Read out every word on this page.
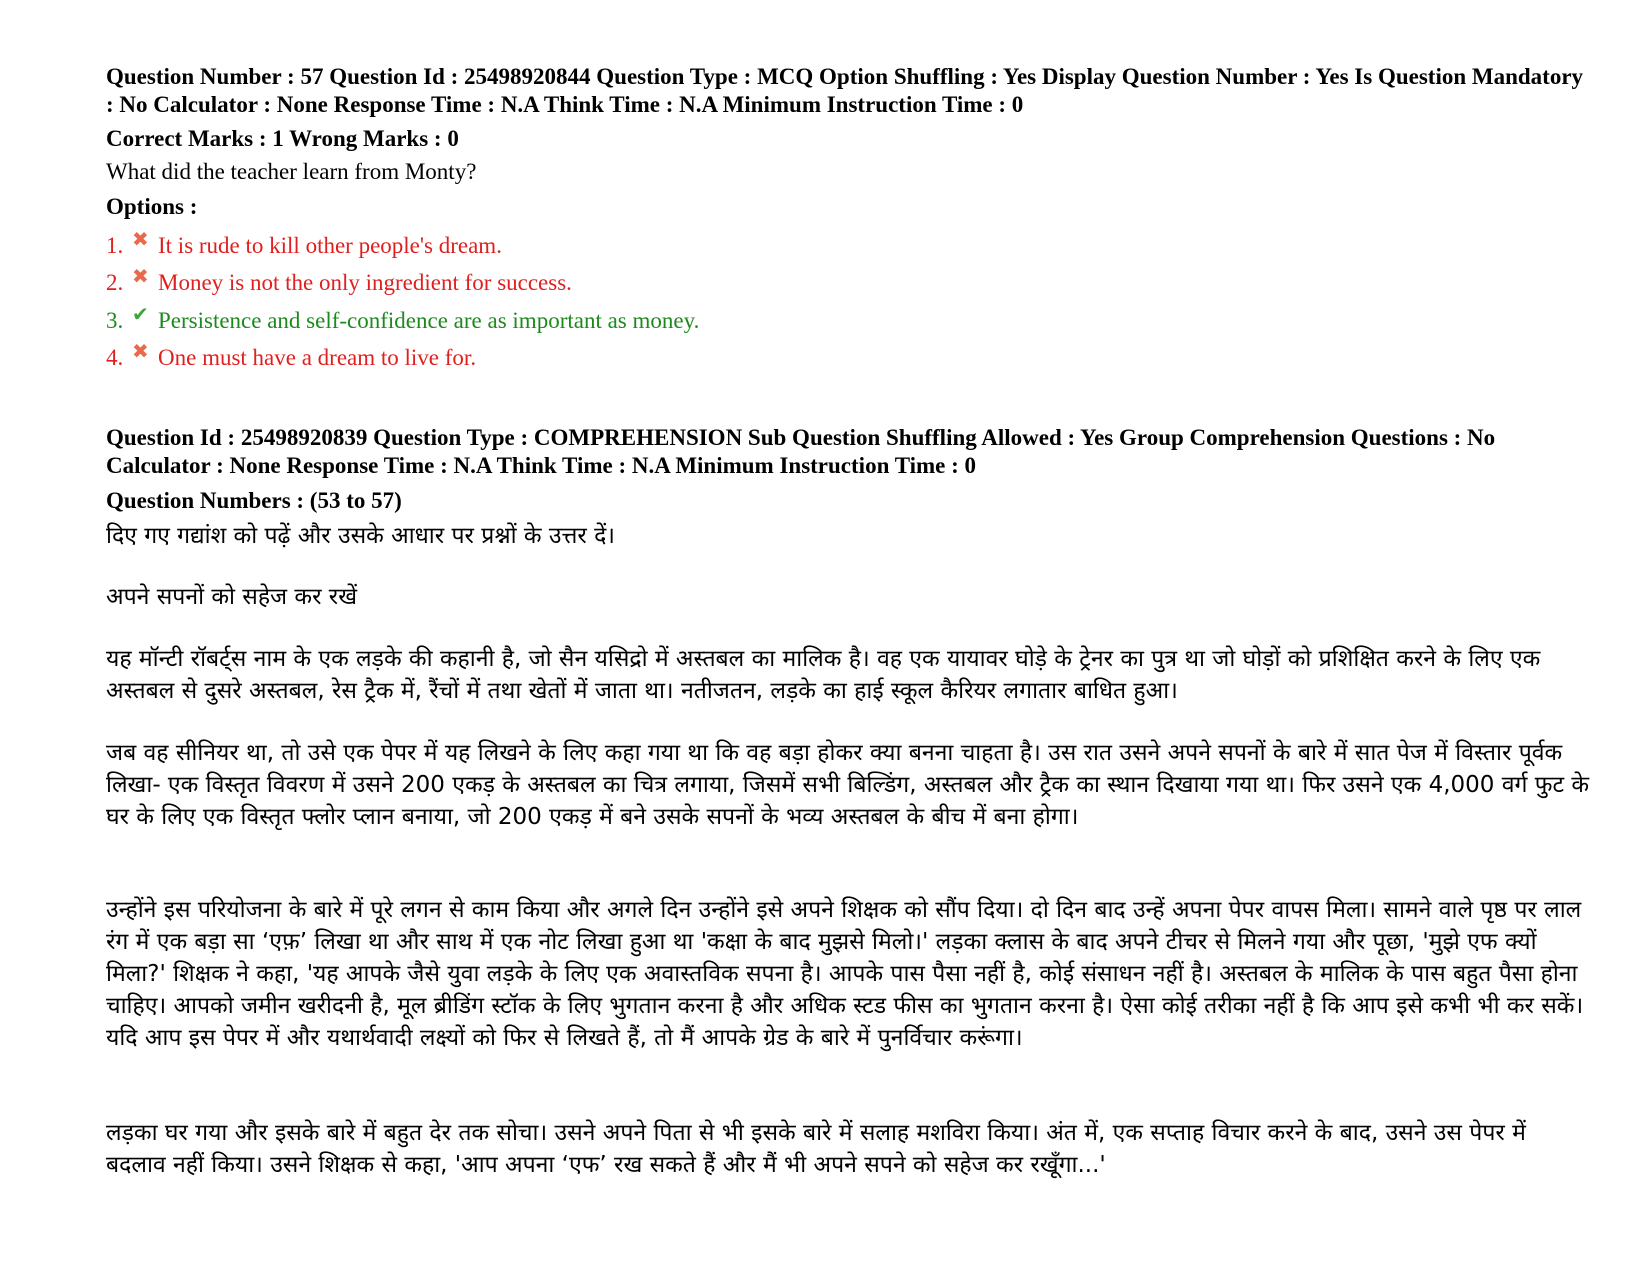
Question Number : 57 Question Id : 25498920844 Question Type : MCQ Option Shuffling : Yes Display Question Number : Yes Is Question Mandatory : No Calculator : None Response Time : N.A Think Time : N.A Minimum Instruction Time : 0
Correct Marks : 1 Wrong Marks : 0
What did the teacher learn from Monty?
Options :
1. ✖ It is rude to kill other people's dream.
2. ✖ Money is not the only ingredient for success.
3. ✔ Persistence and self-confidence are as important as money.
4. ✖ One must have a dream to live for.
Question Id : 25498920839 Question Type : COMPREHENSION Sub Question Shuffling Allowed : Yes Group Comprehension Questions : No Calculator : None Response Time : N.A Think Time : N.A Minimum Instruction Time : 0
Question Numbers : (53 to 57)
दिए गए गद्यांश को पढ़ें और उसके आधार पर प्रश्नों के उत्तर दें।
अपने सपनों को सहेज कर रखें
यह मॉन्टी रॉबर्ट्स नाम के एक लड़के की कहानी है, जो सैन यसिद्रो में अस्तबल का मालिक है। वह एक यायावर घोड़े के ट्रेनर का पुत्र था जो घोड़ों को प्रशिक्षित करने के लिए एक अस्तबल से दुसरे अस्तबल, रेस ट्रैक में, रैंचों में तथा खेतों में जाता था। नतीजतन, लड़के का हाई स्कूल कैरियर लगातार बाधित हुआ।
जब वह सीनियर था, तो उसे एक पेपर में यह लिखने के लिए कहा गया था कि वह बड़ा होकर क्या बनना चाहता है। उस रात उसने अपने सपनों के बारे में सात पेज में विस्तार पूर्वक लिखा- एक विस्तृत विवरण में उसने 200 एकड़ के अस्तबल का चित्र लगाया, जिसमें सभी बिल्डिंग, अस्तबल और ट्रैक का स्थान दिखाया गया था। फिर उसने एक 4,000 वर्ग फुट के घर के लिए एक विस्तृत फ्लोर प्लान बनाया, जो 200 एकड़ में बने उसके सपनों के भव्य अस्तबल के बीच में बना होगा।
उन्होंने इस परियोजना के बारे में पूरे लगन से काम किया और अगले दिन उन्होंने इसे अपने शिक्षक को सौंप दिया। दो दिन बाद उन्हें अपना पेपर वापस मिला। सामने वाले पृष्ठ पर लाल रंग में एक बड़ा सा ‘एफ़’ लिखा था और साथ में एक नोट लिखा हुआ था 'कक्षा के बाद मुझसे मिलो।' लड़का क्लास के बाद अपने टीचर से मिलने गया और पूछा, 'मुझे एफ क्यों मिला?' शिक्षक ने कहा, 'यह आपके जैसे युवा लड़के के लिए एक अवास्तविक सपना है। आपके पास पैसा नहीं है, कोई संसाधन नहीं है। अस्तबल के मालिक के पास बहुत पैसा होना चाहिए। आपको जमीन खरीदनी है, मूल ब्रीडिंग स्टॉक के लिए भुगतान करना है और अधिक स्टड फीस का भुगतान करना है। ऐसा कोई तरीका नहीं है कि आप इसे कभी भी कर सकें। यदि आप इस पेपर में और यथार्थवादी लक्ष्यों को फिर से लिखते हैं, तो मैं आपके ग्रेड के बारे में पुनर्विचार करूंगा।
लड़का घर गया और इसके बारे में बहुत देर तक सोचा। उसने अपने पिता से भी इसके बारे में सलाह मशविरा किया। अंत में, एक सप्ताह विचार करने के बाद, उसने उस पेपर में बदलाव नहीं किया। उसने शिक्षक से कहा, 'आप अपना ‘एफ’ रख सकते हैं और मैं भी अपने सपने को सहेज कर रखूँगा...'
